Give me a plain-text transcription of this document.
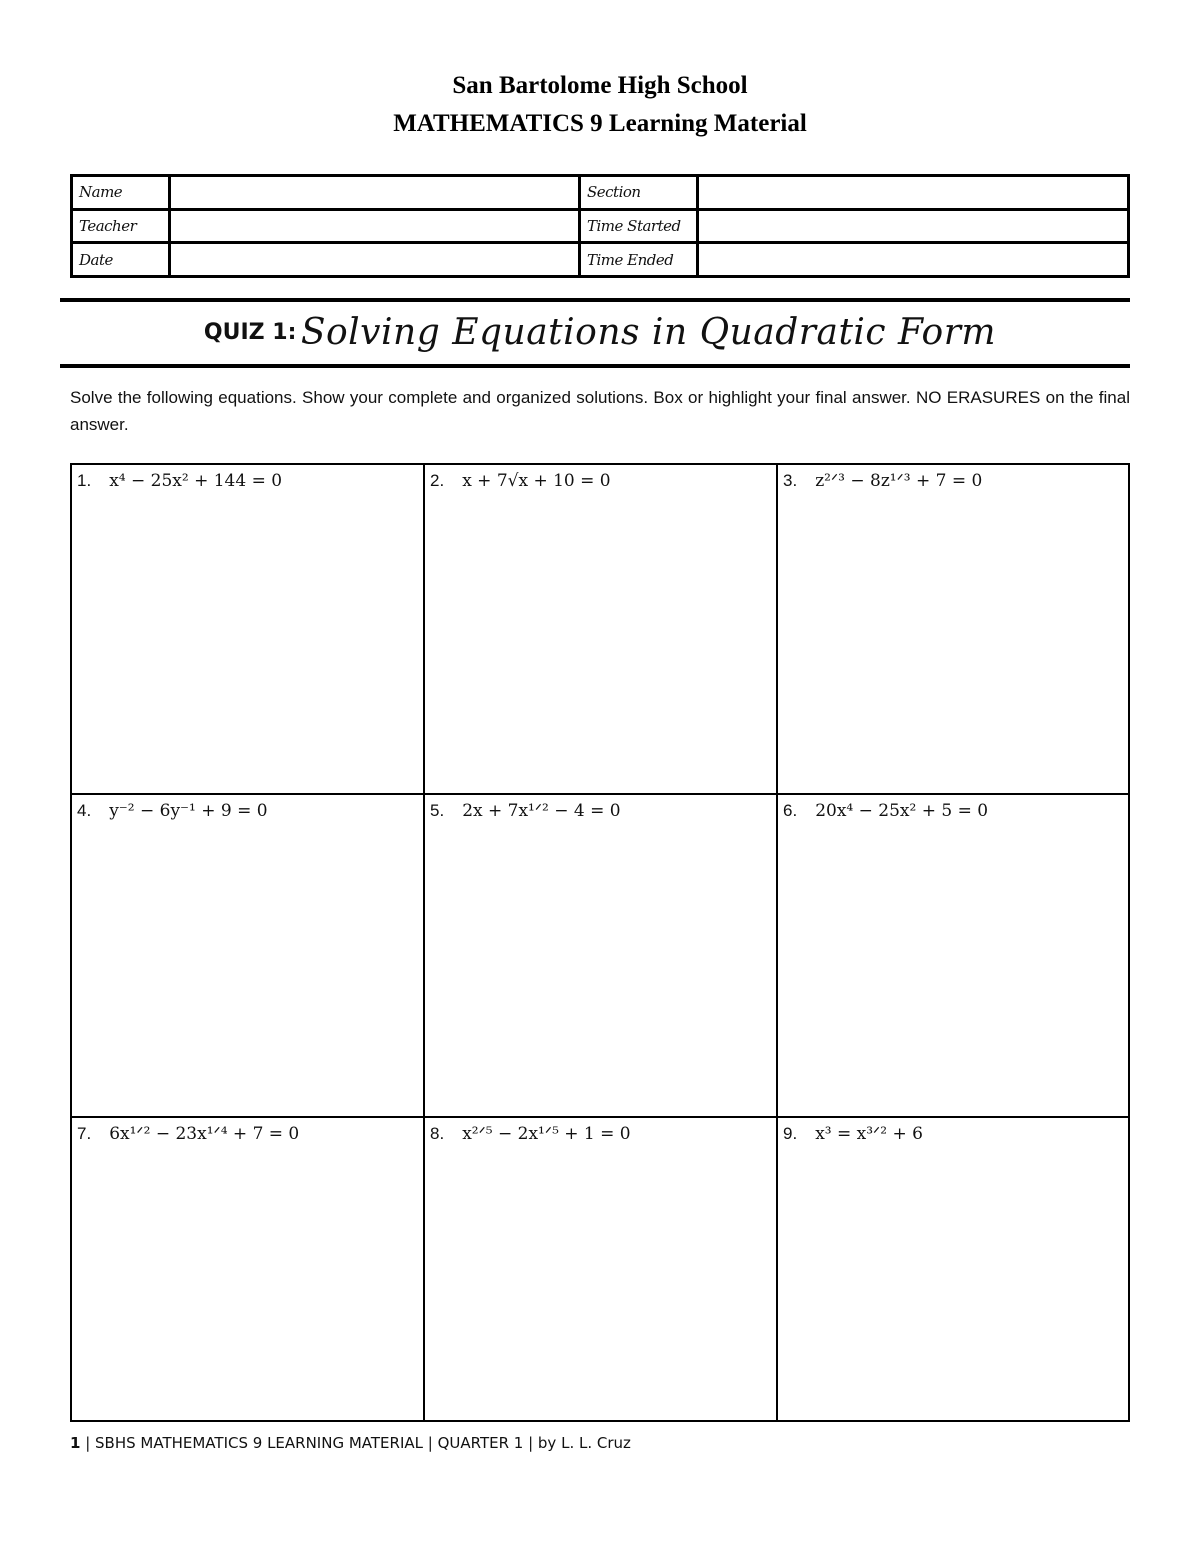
San Bartolome High School
MATHEMATICS 9 Learning Material
Name		Section	
Teacher		Time Started	
Date		Time Ended	
QUIZ 1: Solving Equations in Quadratic Form
Solve the following equations. Show your complete and organized solutions. Box or highlight your final answer. NO ERASURES on the final answer.
1. x⁴ − 25x² + 144 = 0	2. x + 7√x + 10 = 0	3. z²ᐟ³ − 8z¹ᐟ³ + 7 = 0
4. y⁻² − 6y⁻¹ + 9 = 0	5. 2x + 7x¹ᐟ² − 4 = 0	6. 20x⁴ − 25x² + 5 = 0
7. 6x¹ᐟ² − 23x¹ᐟ⁴ + 7 = 0	8. x²ᐟ⁵ − 2x¹ᐟ⁵ + 1 = 0	9. x³ = x³ᐟ² + 6
1 | SBHS MATHEMATICS 9 LEARNING MATERIAL | QUARTER 1 | by L. L. Cruz
